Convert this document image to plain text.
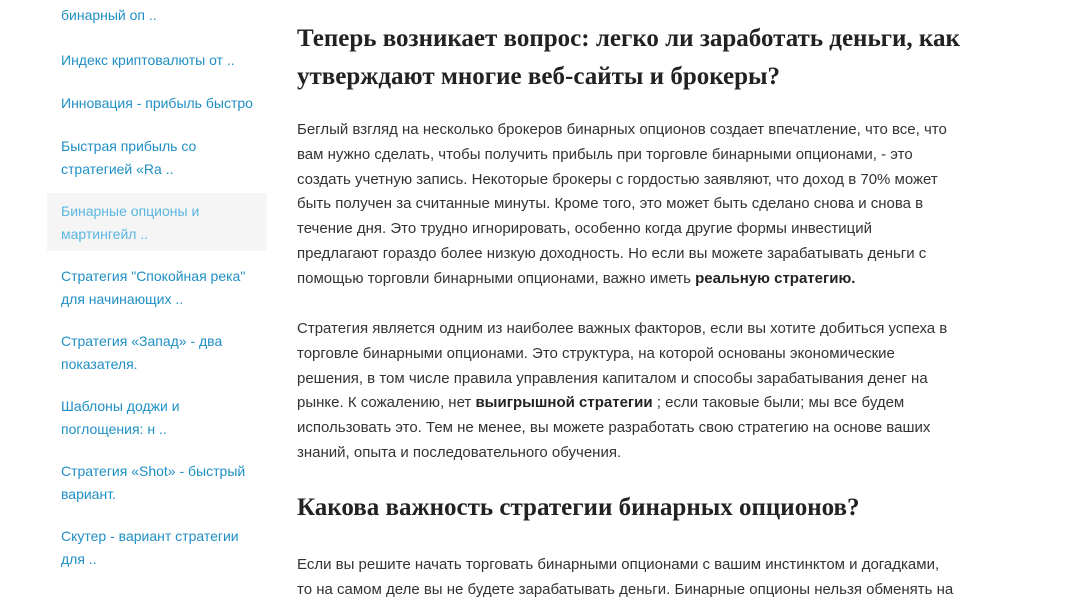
бинарный оп ..
Индекс криптовалюты от ..
Инновация - прибыль быстро
Быстрая прибыль со
стратегией «Ra ..
Бинарные опционы и
мартингейл ..
Стратегия "Спокойная река"
для начинающих ..
Стратегия «Запад» - два
показателя.
Шаблоны доджи и
поглощения: н ..
Стратегия «Shot» - быстрый
вариант.
Скутер - вариант стратегии
для ..
Теперь возникает вопрос: легко ли заработать деньги, как
утверждают многие веб-сайты и брокеры?

Беглый взгляд на несколько брокеров бинарных опционов создает впечатление, что все, что
вам нужно сделать, чтобы получить прибыль при торговле бинарными опционами, - это
создать учетную запись. Некоторые брокеры с гордостью заявляют, что доход в 70% может
быть получен за считанные минуты. Кроме того, это может быть сделано снова и снова в
течение дня. Это трудно игнорировать, особенно когда другие формы инвестиций
предлагают гораздо более низкую доходность. Но если вы можете зарабатывать деньги с
помощью торговли бинарными опционами, важно иметь реальную стратегию.

Стратегия является одним из наиболее важных факторов, если вы хотите добиться успеха в
торговле бинарными опционами. Это структура, на которой основаны экономические
решения, в том числе правила управления капиталом и способы зарабатывания денег на
рынке. К сожалению, нет выигрышной стратегии ; если таковые были; мы все будем
использовать это. Тем не менее, вы можете разработать свою стратегию на основе ваших
знаний, опыта и последовательного обучения.

Какова важность стратегии бинарных опционов?

Если вы решите начать торговать бинарными опционами с вашим инстинктом и догадками,
то на самом деле вы не будете зарабатывать деньги. Бинарные опционы нельзя обменять на
